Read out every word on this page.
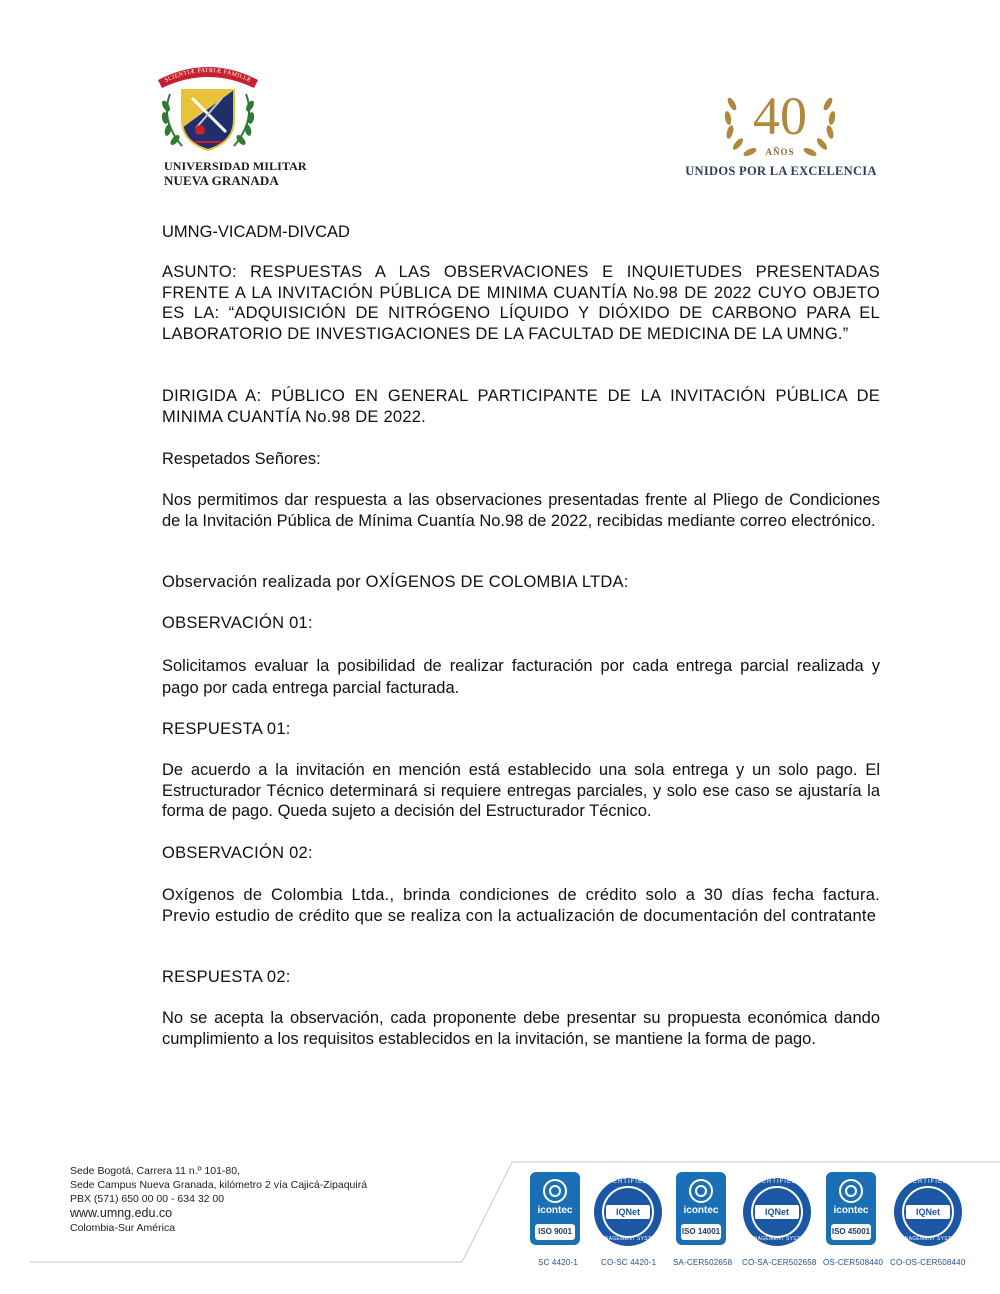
SCIENTIÆ PATRIÆ FAMILIÆ
UNIVERSIDAD MILITAR
NUEVA GRANADA
40
AÑOS
UNIDOS POR LA EXCELENCIA

UMNG-VICADM-DIVCAD

ASUNTO: RESPUESTAS A LAS OBSERVACIONES E INQUIETUDES PRESENTADAS FRENTE A LA INVITACIÓN PÚBLICA DE MINIMA CUANTÍA No.98 DE 2022 CUYO OBJETO ES LA: “ADQUISICIÓN DE NITRÓGENO LÍQUIDO Y DIÓXIDO DE CARBONO PARA EL LABORATORIO DE INVESTIGACIONES DE LA FACULTAD DE MEDICINA DE LA UMNG.”

DIRIGIDA A: PÚBLICO EN GENERAL PARTICIPANTE DE LA INVITACIÓN PÚBLICA DE MINIMA CUANTÍA No.98 DE 2022.

Respetados Señores:

Nos permitimos dar respuesta a las observaciones presentadas frente al Pliego de Condiciones de la Invitación Pública de Mínima Cuantía No.98 de 2022, recibidas mediante correo electrónico.

Observación realizada por OXÍGENOS DE COLOMBIA LTDA:

OBSERVACIÓN 01:

Solicitamos evaluar la posibilidad de realizar facturación por cada entrega parcial realizada y pago por cada entrega parcial facturada.

RESPUESTA 01:

De acuerdo a la invitación en mención está establecido una sola entrega y un solo pago. El Estructurador Técnico determinará si requiere entregas parciales, y solo ese caso se ajustaría la forma de pago. Queda sujeto a decisión del Estructurador Técnico.

OBSERVACIÓN 02:

Oxígenos de Colombia Ltda., brinda condiciones de crédito solo a 30 días fecha factura. Previo estudio de crédito que se realiza con la actualización de documentación del contratante

RESPUESTA 02:

No se acepta la observación, cada proponente debe presentar su propuesta económica dando cumplimiento a los requisitos establecidos en la invitación, se mantiene la forma de pago.

Sede Bogotá, Carrera 11 n.º 101-80,
Sede Campus Nueva Granada, kilómetro 2 vía Cajicá-Zipaquirá
PBX (571) 650 00 00 - 634 32 00
www.umng.edu.co
Colombia-Sur América
icontec
ISO 9001
CERTIFIED
IQNet
MANAGEMENT SYSTEM
icontec
ISO 14001
CERTIFIED
IQNet
MANAGEMENT SYSTEM
icontec
ISO 45001
CERTIFIED
IQNet
MANAGEMENT SYSTEM
SC 4420-1	CO-SC 4420-1 SA-CER502658 CO-SA-CER502658 OS-CER508440 CO-OS-CER508440
